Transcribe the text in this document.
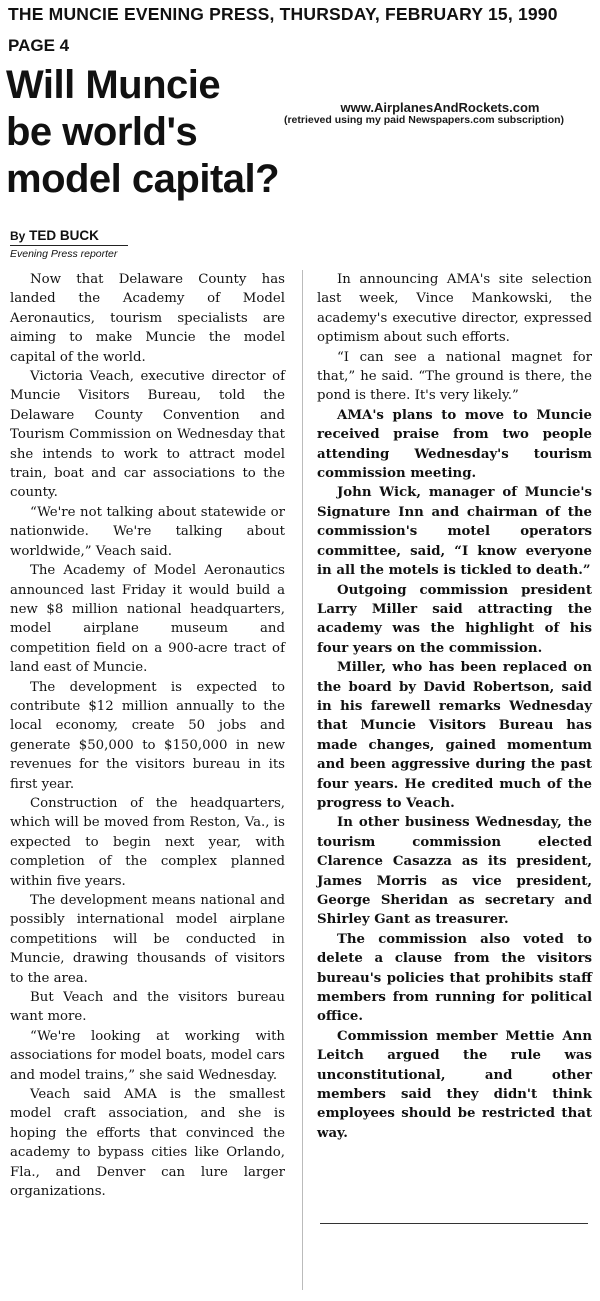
THE MUNCIE EVENING PRESS, THURSDAY, FEBRUARY 15, 1990
PAGE 4
Will Muncie
be world's
model capital?
www.AirplanesAndRockets.com
(retrieved using my paid Newspapers.com subscription)
By TED BUCK
Evening Press reporter

Now that Delaware County has landed the Academy of Model Aeronautics, tourism specialists are aiming to make Muncie the model capital of the world.

Victoria Veach, executive director of Muncie Visitors Bureau, told the Delaware County Convention and Tourism Commission on Wednesday that she intends to work to attract model train, boat and car associations to the county.

“We're not talking about statewide or nationwide. We're talking about worldwide,” Veach said.

The Academy of Model Aeronautics announced last Friday it would build a new $8 million national headquarters, model airplane museum and competition field on a 900-acre tract of land east of Muncie.

The development is expected to contribute $12 million annually to the local economy, create 50 jobs and generate $50,000 to $150,000 in new revenues for the visitors bureau in its first year.

Construction of the headquarters, which will be moved from Reston, Va., is expected to begin next year, with completion of the complex planned within five years.

The development means national and possibly international model airplane competitions will be conducted in Muncie, drawing thousands of visitors to the area.

But Veach and the visitors bureau want more.

“We're looking at working with associations for model boats, model cars and model trains,” she said Wednesday.

Veach said AMA is the smallest model craft association, and she is hoping the efforts that convinced the academy to bypass cities like Orlando, Fla., and Denver can lure larger organizations.

In announcing AMA's site selection last week, Vince Mankowski, the academy's executive director, expressed optimism about such efforts.

“I can see a national magnet for that,” he said. “The ground is there, the pond is there. It's very likely.”

AMA's plans to move to Muncie received praise from two people attending Wednesday's tourism commission meeting.

John Wick, manager of Muncie's Signature Inn and chairman of the commission's motel operators committee, said, “I know everyone in all the motels is tickled to death.”

Outgoing commission president Larry Miller said attracting the academy was the highlight of his four years on the commission.

Miller, who has been replaced on the board by David Robertson, said in his farewell remarks Wednesday that Muncie Visitors Bureau has made changes, gained momentum and been aggressive during the past four years. He credited much of the progress to Veach.

In other business Wednesday, the tourism commission elected Clarence Casazza as its president, James Morris as vice president, George Sheridan as secretary and Shirley Gant as treasurer.

The commission also voted to delete a clause from the visitors bureau's policies that prohibits staff members from running for political office.

Commission member Mettie Ann Leitch argued the rule was unconstitutional, and other members said they didn't think employees should be restricted that way.
